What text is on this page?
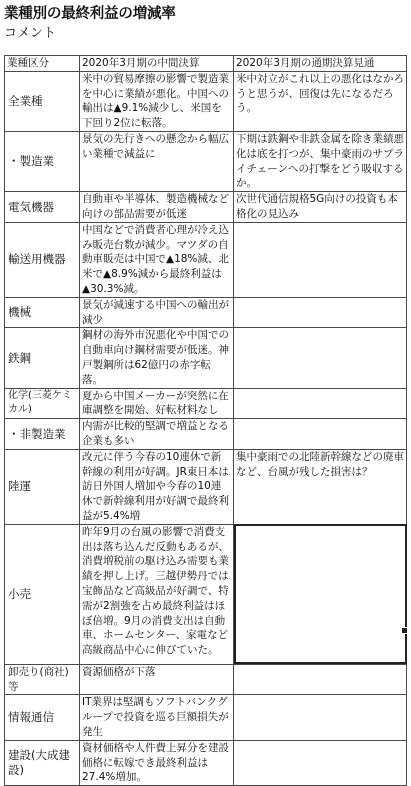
業種別の最終利益の増減率
コメント
業種区分	2020年3月期の中間決算	2020年3月期の通期決算見通
全業種	米中の貿易摩擦の影響で製造業を中心に業績が悪化。中国への輸出は▲9.1%減少し、米国を下回り2位に転落。	米中対立がこれ以上の悪化はなかろうと思うが、回復は先になるだろう。
・製造業	景気の先行きへの懸念から幅広い業種で減益に	下期は鉄鋼や非鉄金属を除き業績悪化は底を打つが、集中豪雨のサプライチェーンへの打撃をどう吸収するか。
電気機器	自動車や半導体、製造機械など向けの部品需要が低迷	次世代通信規格5G向けの投資も本格化の見込み
輸送用機器	中国などで消費者心理が冷え込み販売台数が減少。マツダの自動車販売は中国で▲18%減、北米で▲8.9%減から最終利益は▲30.3%減。	
機械	景気が減速する中国への輸出が減少	
鉄鋼	鋼材の海外市況悪化や中国での自動車向け鋼材需要が低迷。神戸製鋼所は62億円の赤字転落。	
化学(三菱ケミカル)	夏から中国メーカーが突然に在庫調整を開始、好転材料なし	
・非製造業	内需が比較的堅調で増益となる企業も多い	
陸運	改元に伴う今春の10連休で新幹線の利用が好調。JR東日本は訪日外国人増加や今春の10連休で新幹線利用が好調で最終利益が5.4%増	集中豪雨での北陸新幹線などの廃車など、台風が残した損害は？
小売	昨年9月の台風の影響で消費支出は落ち込んだ反動もあるが、消費増税前の駆け込み需要も業績を押し上げ。三越伊勢丹では宝飾品など高級品が好調で、特需が2割強を占め最終利益はほぼ倍増。9月の消費支出は自動車、ホームセンター、家電など高級商品中心に伸びていた。	
卸売り(商社)等	資源価格が下落	
情報通信	IT業界は堅調もソフトバンクグループで投資を巡る巨額損失が発生	
建設(大成建設)	資材価格や人件費上昇分を建設価格に転嫁でき最終利益は27.4%増加。	
